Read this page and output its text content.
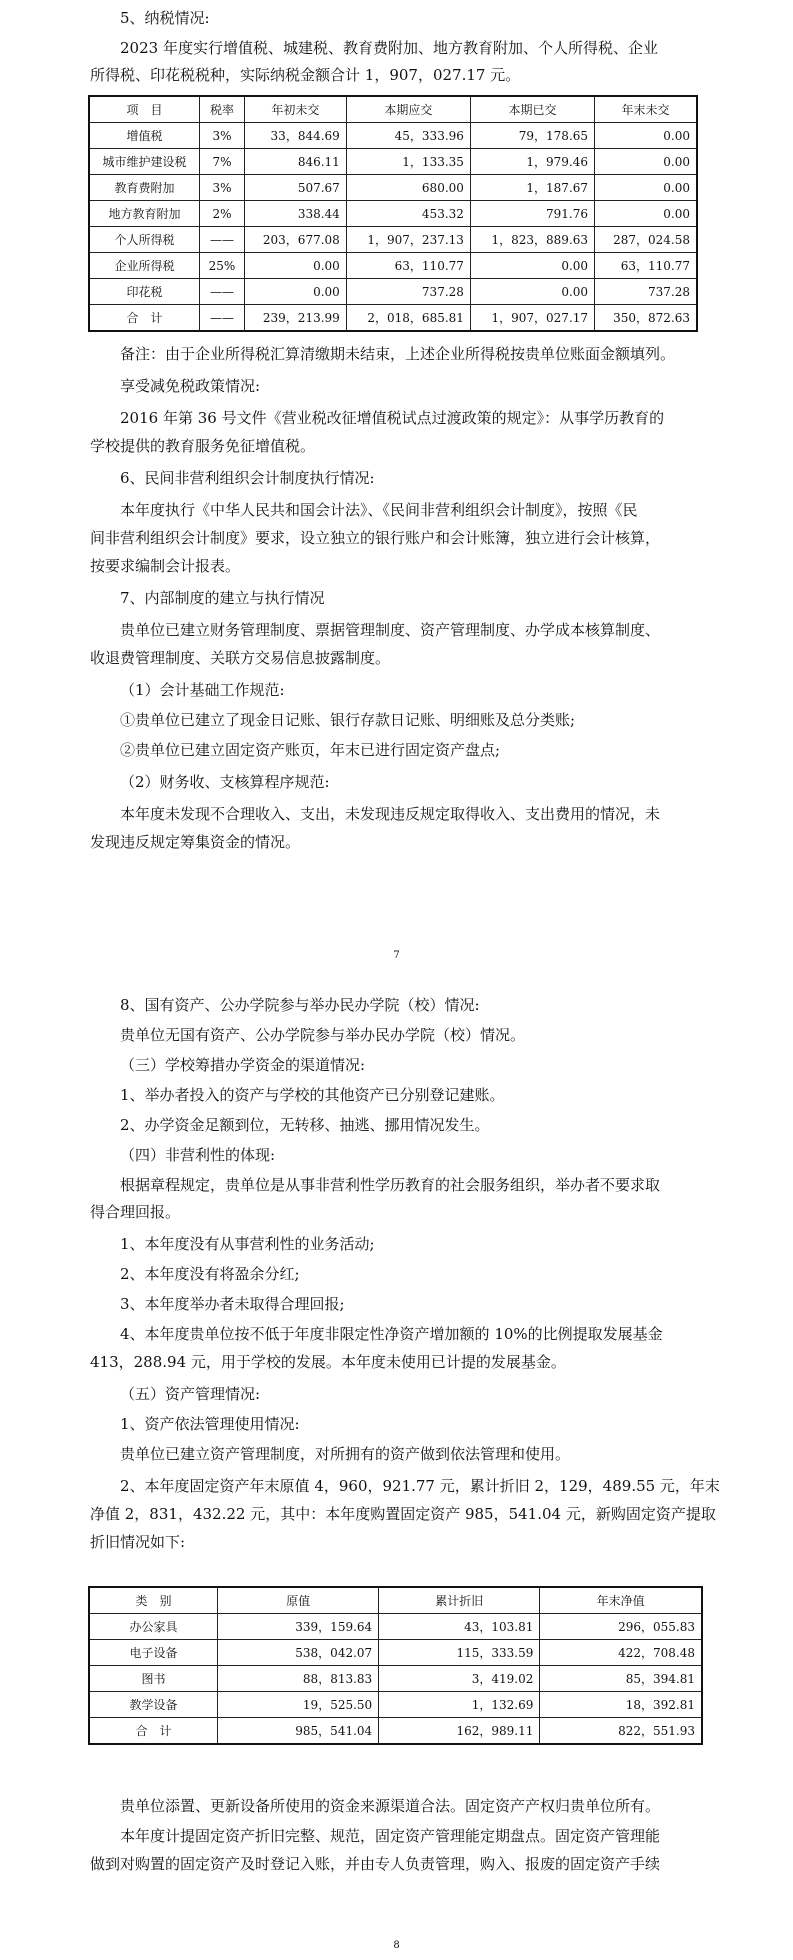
5、纳税情况:
2023 年度实行增值税、城建税、教育费附加、地方教育附加、个人所得税、企业
所得税、印花税税种，实际纳税金额合计 1，907，027.17 元。
项　目	税率	年初未交	本期应交	本期已交	年末未交
增值税	3%	33，844.69	45，333.96	79，178.65	0.00
城市维护建设税	7%	846.11	1，133.35	1，979.46	0.00
教育费附加	3%	507.67	680.00	1，187.67	0.00
地方教育附加	2%	338.44	453.32	791.76	0.00
个人所得税	——	203，677.08	1，907，237.13	1，823，889.63	287，024.58
企业所得税	25%	0.00	63，110.77	0.00	63，110.77
印花税	——	0.00	737.28	0.00	737.28
合　计	——	239，213.99	2，018，685.81	1，907，027.17	350，872.63
备注：由于企业所得税汇算清缴期未结束，上述企业所得税按贵单位账面金额填列。
享受减免税政策情况:
2016 年第 36 号文件《营业税改征增值税试点过渡政策的规定》：从事学历教育的
学校提供的教育服务免征增值税。
6、民间非营利组织会计制度执行情况:
本年度执行《中华人民共和国会计法》、《民间非营利组织会计制度》，按照《民
间非营利组织会计制度》要求，设立独立的银行账户和会计账簿，独立进行会计核算，
按要求编制会计报表。
7、内部制度的建立与执行情况
贵单位已建立财务管理制度、票据管理制度、资产管理制度、办学成本核算制度、
收退费管理制度、关联方交易信息披露制度。
（1）会计基础工作规范:
①贵单位已建立了现金日记账、银行存款日记账、明细账及总分类账;
②贵单位已建立固定资产账页，年末已进行固定资产盘点;
（2）财务收、支核算程序规范:
本年度未发现不合理收入、支出，未发现违反规定取得收入、支出费用的情况，未
发现违反规定筹集资金的情况。
7
8、国有资产、公办学院参与举办民办学院（校）情况:
贵单位无国有资产、公办学院参与举办民办学院（校）情况。
（三）学校筹措办学资金的渠道情况:
1、举办者投入的资产与学校的其他资产已分别登记建账。
2、办学资金足额到位，无转移、抽逃、挪用情况发生。
（四）非营利性的体现:
根据章程规定，贵单位是从事非营利性学历教育的社会服务组织，举办者不要求取
得合理回报。
1、本年度没有从事营利性的业务活动;
2、本年度没有将盈余分红;
3、本年度举办者未取得合理回报;
4、本年度贵单位按不低于年度非限定性净资产增加额的 10%的比例提取发展基金
413，288.94 元，用于学校的发展。本年度未使用已计提的发展基金。
（五）资产管理情况:
1、资产依法管理使用情况:
贵单位已建立资产管理制度，对所拥有的资产做到依法管理和使用。
2、本年度固定资产年末原值 4，960，921.77 元，累计折旧 2，129，489.55 元，年末
净值 2，831，432.22 元，其中：本年度购置固定资产 985，541.04 元，新购固定资产提取
折旧情况如下:
类　别	原值	累计折旧	年末净值
办公家具	339，159.64	43，103.81	296，055.83
电子设备	538，042.07	115，333.59	422，708.48
图书	88，813.83	3，419.02	85，394.81
教学设备	19，525.50	1，132.69	18，392.81
合　计	985，541.04	162，989.11	822，551.93
贵单位添置、更新设备所使用的资金来源渠道合法。固定资产产权归贵单位所有。
本年度计提固定资产折旧完整、规范，固定资产管理能定期盘点。固定资产管理能
做到对购置的固定资产及时登记入账，并由专人负责管理，购入、报废的固定资产手续
8
